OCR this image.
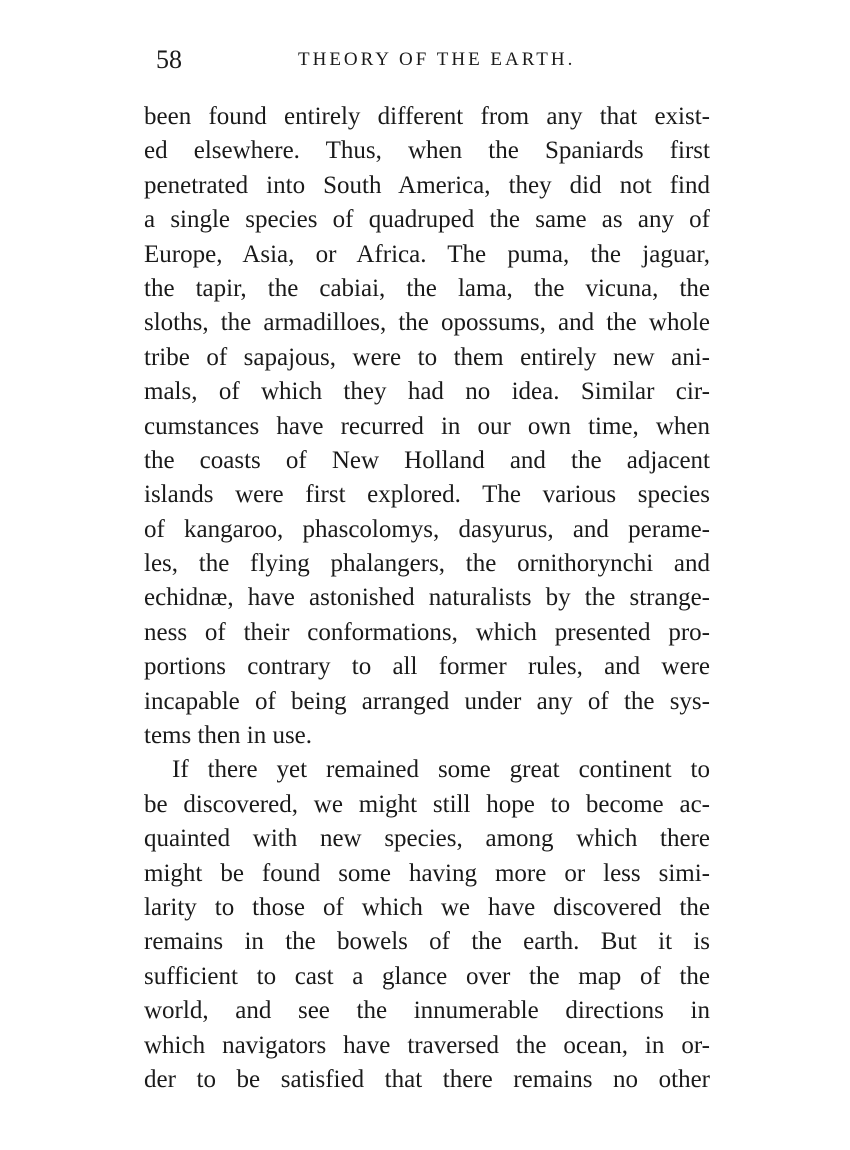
58	THEORY OF THE EARTH.
been found entirely different from any that exist-
ed elsewhere. Thus, when the Spaniards first
penetrated into South America, they did not find
a single species of quadruped the same as any of
Europe, Asia, or Africa. The puma, the jaguar,
the tapir, the cabiai, the lama, the vicuna, the
sloths, the armadilloes, the opossums, and the whole
tribe of sapajous, were to them entirely new ani-
mals, of which they had no idea. Similar cir-
cumstances have recurred in our own time, when
the coasts of New Holland and the adjacent
islands were first explored. The various species
of kangaroo, phascolomys, dasyurus, and perame-
les, the flying phalangers, the ornithorynchi and
echidnæ, have astonished naturalists by the strange-
ness of their conformations, which presented pro-
portions contrary to all former rules, and were
incapable of being arranged under any of the sys-
tems then in use.
If there yet remained some great continent to
be discovered, we might still hope to become ac-
quainted with new species, among which there
might be found some having more or less simi-
larity to those of which we have discovered the
remains in the bowels of the earth. But it is
sufficient to cast a glance over the map of the
world, and see the innumerable directions in
which navigators have traversed the ocean, in or-
der to be satisfied that there remains no other
